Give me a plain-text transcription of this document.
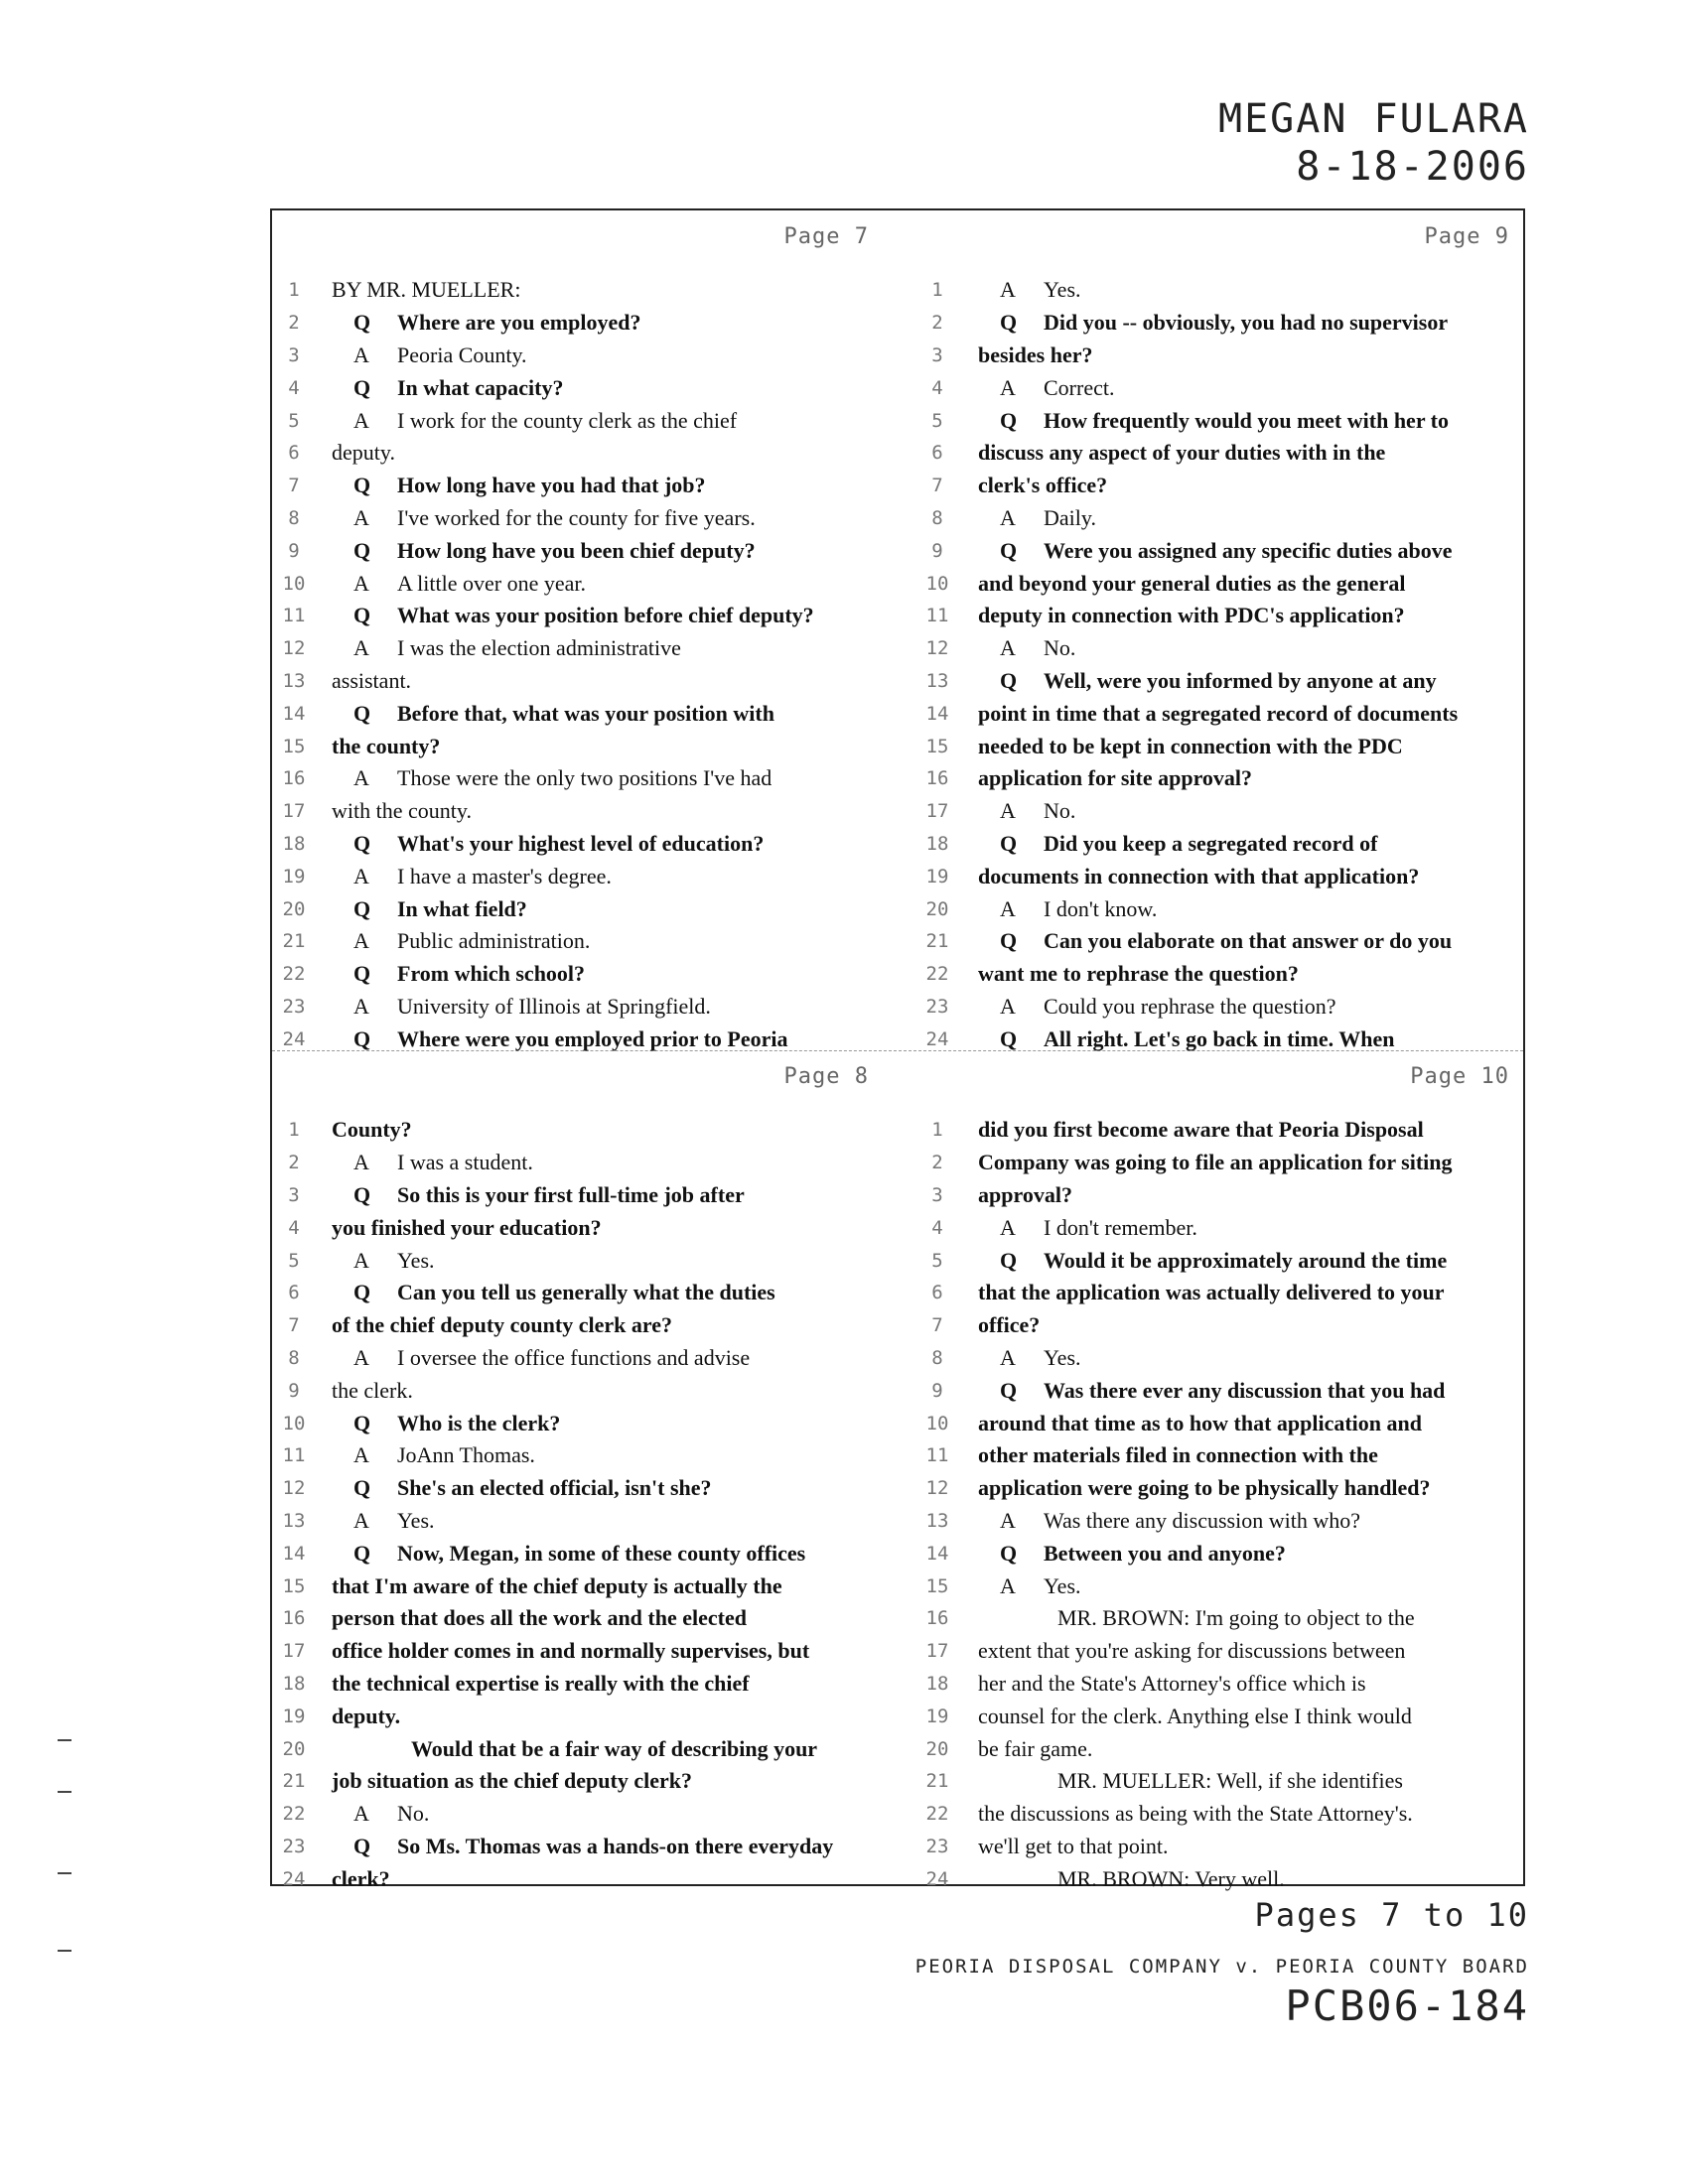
MEGAN FULARA
8-18-2006
Page 7
1	BY MR. MUELLER:
2	Q Where are you employed?
3	A Peoria County.
4	Q In what capacity?
5	A I work for the county clerk as the chief
6	deputy.
7	Q How long have you had that job?
8	A I've worked for the county for five years.
9	Q How long have you been chief deputy?
10	A A little over one year.
11	Q What was your position before chief deputy?
12	A I was the election administrative
13	assistant.
14	Q Before that, what was your position with
15	the county?
16	A Those were the only two positions I've had
17	with the county.
18	Q What's your highest level of education?
19	A I have a master's degree.
20	Q In what field?
21	A Public administration.
22	Q From which school?
23	A University of Illinois at Springfield.
24	Q Where were you employed prior to Peoria
Page 9
1	A Yes.
2	Q Did you -- obviously, you had no supervisor
3	besides her?
4	A Correct.
5	Q How frequently would you meet with her to
6	discuss any aspect of your duties with in the
7	clerk's office?
8	A Daily.
9	Q Were you assigned any specific duties above
10	and beyond your general duties as the general
11	deputy in connection with PDC's application?
12	A No.
13	Q Well, were you informed by anyone at any
14	point in time that a segregated record of documents
15	needed to be kept in connection with the PDC
16	application for site approval?
17	A No.
18	Q Did you keep a segregated record of
19	documents in connection with that application?
20	A I don't know.
21	Q Can you elaborate on that answer or do you
22	want me to rephrase the question?
23	A Could you rephrase the question?
24	Q All right. Let's go back in time. When
Page 8
1	County?
2	A I was a student.
3	Q So this is your first full-time job after
4	you finished your education?
5	A Yes.
6	Q Can you tell us generally what the duties
7	of the chief deputy county clerk are?
8	A I oversee the office functions and advise
9	the clerk.
10	Q Who is the clerk?
11	A JoAnn Thomas.
12	Q She's an elected official, isn't she?
13	A Yes.
14	Q Now, Megan, in some of these county offices
15	that I'm aware of the chief deputy is actually the
16	person that does all the work and the elected
17	office holder comes in and normally supervises, but
18	the technical expertise is really with the chief
19	deputy.
20	Would that be a fair way of describing your
21	job situation as the chief deputy clerk?
22	A No.
23	Q So Ms. Thomas was a hands-on there everyday
24	clerk?
Page 10
1	did you first become aware that Peoria Disposal
2	Company was going to file an application for siting
3	approval?
4	A I don't remember.
5	Q Would it be approximately around the time
6	that the application was actually delivered to your
7	office?
8	A Yes.
9	Q Was there ever any discussion that you had
10	around that time as to how that application and
11	other materials filed in connection with the
12	application were going to be physically handled?
13	A Was there any discussion with who?
14	Q Between you and anyone?
15	A Yes.
16	MR. BROWN: I'm going to object to the
17	extent that you're asking for discussions between
18	her and the State's Attorney's office which is
19	counsel for the clerk. Anything else I think would
20	be fair game.
21	MR. MUELLER: Well, if she identifies
22	the discussions as being with the State Attorney's.
23	we'll get to that point.
24	MR. BROWN: Very well.
Pages 7 to 10
PEORIA DISPOSAL COMPANY v. PEORIA COUNTY BOARD
PCB06-184
